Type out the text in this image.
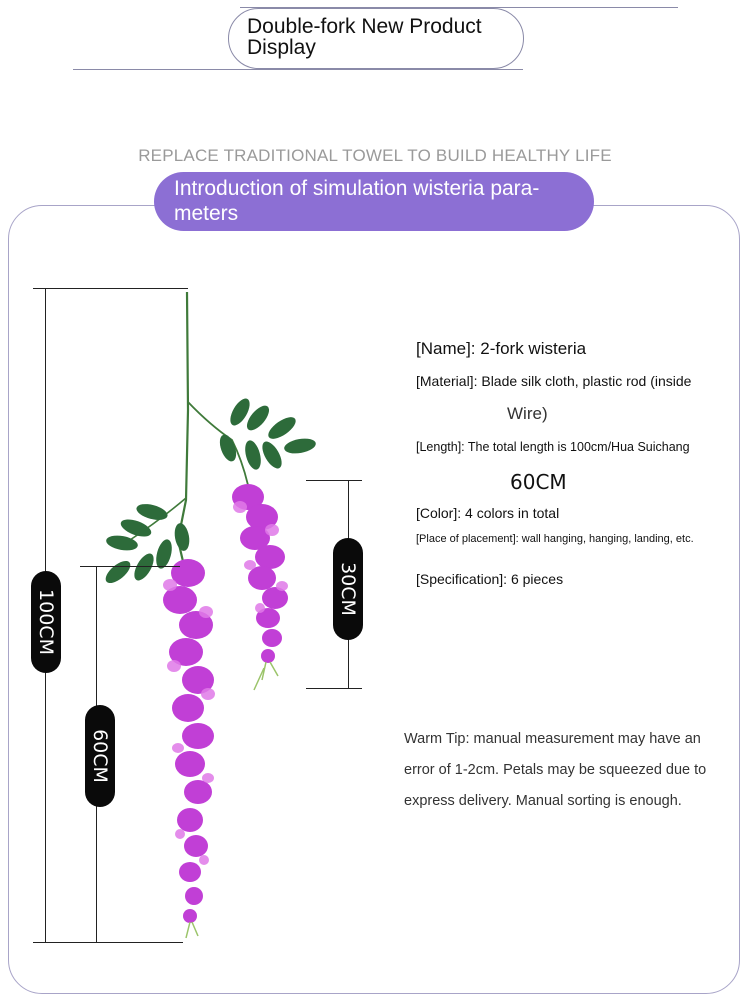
Double-fork New Product Display
REPLACE TRADITIONAL TOWEL TO BUILD HEALTHY LIFE
Introduction of simulation wisteria para-meters
100CM
60CM
30CM
[Name]: 2-fork wisteria
[Material]: Blade silk cloth, plastic rod (inside
Wire)
[Length]: The total length is 100cm/Hua Suichang
60CM
[Color]: 4 colors in total
[Place of placement]: wall hanging, hanging, landing, etc.
[Specification]: 6 pieces
Warm Tip: manual measurement may have an error of 1-2cm. Petals may be squeezed due to express delivery. Manual sorting is enough.
